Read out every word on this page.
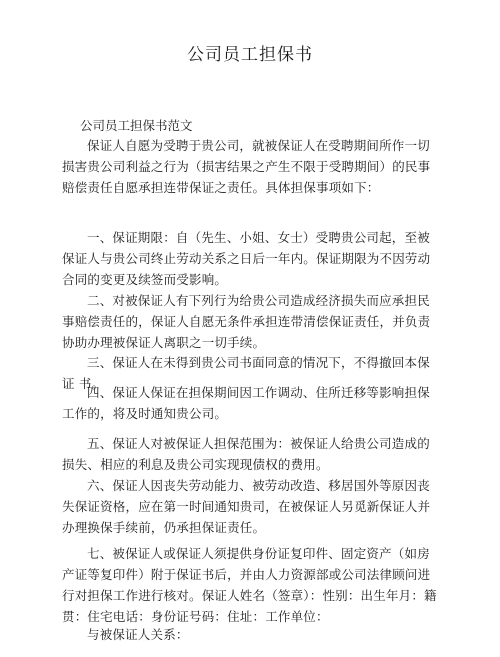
公司员工担保书
公司员工担保书范文

保证人自愿为受聘于贵公司，就被保证人在受聘期间所作一切损害贵公司利益之行为（损害结果之产生不限于受聘期间）的民事赔偿责任自愿承担连带保证之责任。具体担保事项如下：

一、保证期限：自（先生、小姐、女士）受聘贵公司起，至被保证人与贵公司终止劳动关系之日后一年内。保证期限为不因劳动合同的变更及续签而受影响。

二、对被保证人有下列行为给贵公司造成经济损失而应承担民事赔偿责任的，保证人自愿无条件承担连带清偿保证责任，并负责协助办理被保证人离职之一切手续。

三、保证人在未得到贵公司书面同意的情况下，不得撤回本保证 书。

四、保证人保证在担保期间因工作调动、住所迁移等影响担保工作的，将及时通知贵公司。

五、保证人对被保证人担保范围为：被保证人给贵公司造成的损失、相应的利息及贵公司实现现债权的费用。

六、保证人因丧失劳动能力、被劳动改造、移居国外等原因丧失保证资格，应在第一时间通知贵司，在被保证人另觅新保证人并办理换保手续前，仍承担保证责任。

七、被保证人或保证人须提供身份证复印件、固定资产（如房产证等复印件）附于保证书后，并由人力资源部或公司法律顾问进行对担保工作进行核对。保证人姓名（签章）：性别：出生年月：籍贯：住宅电话：身份证号码：住址：工作单位：

与被保证人关系：
